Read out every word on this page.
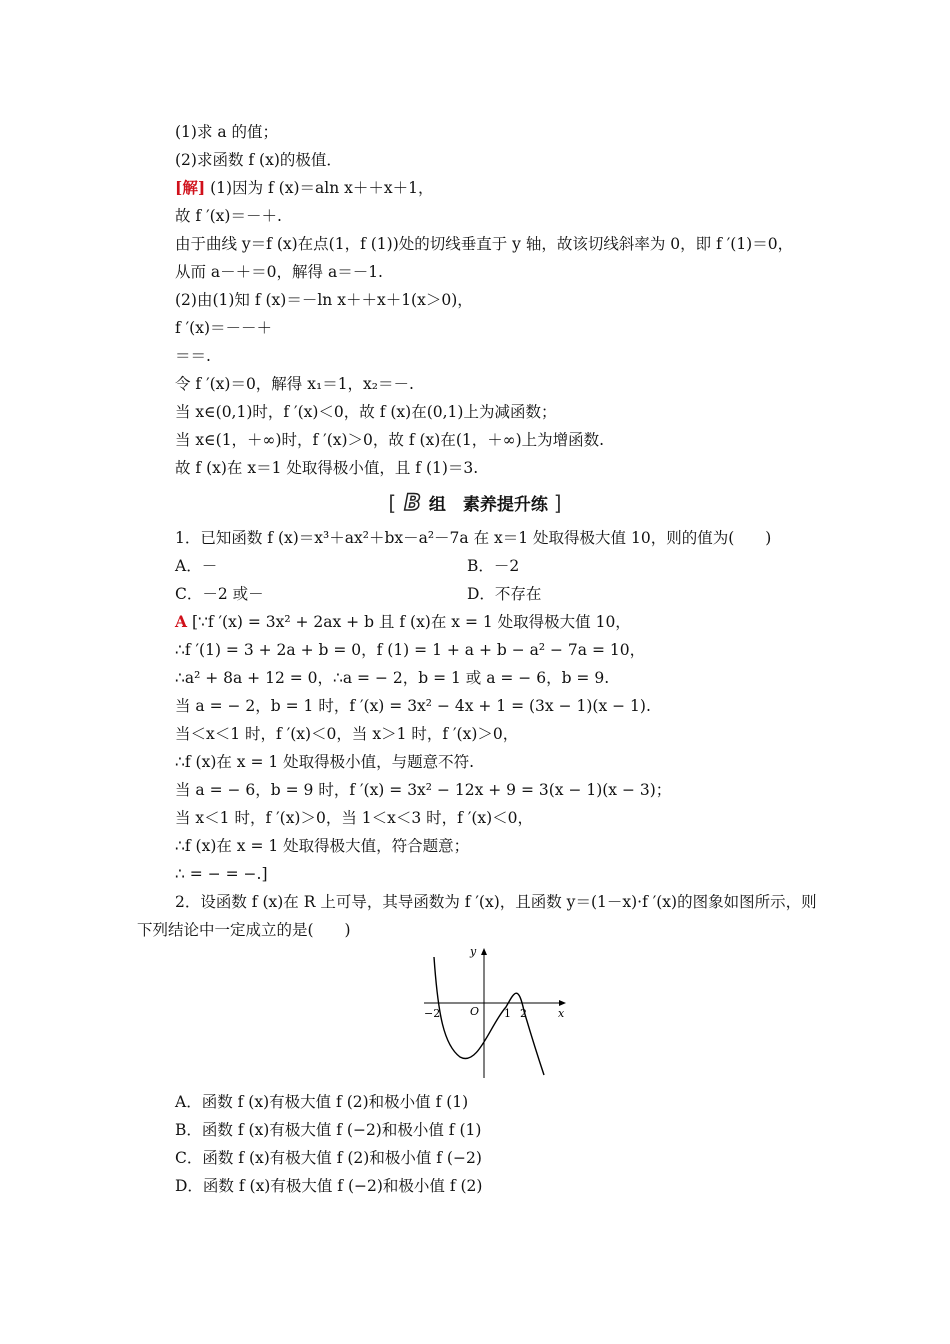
(1)求 a 的值；
(2)求函数 f (x)的极值．
[解] (1)因为 f (x)＝aln x＋＋x＋1，
故 f ′(x)＝－＋.
由于曲线 y＝f (x)在点(1，f (1))处的切线垂直于 y 轴，故该切线斜率为 0，即 f ′(1)＝0，
从而 a－＋＝0，解得 a＝－1.
(2)由(1)知 f (x)＝－ln x＋＋x＋1(x＞0)，
f ′(x)＝－－＋
＝＝.
令 f ′(x)＝0，解得 x₁＝1，x₂＝－.
当 x∈(0,1)时，f ′(x)＜0，故 f (x)在(0,1)上为减函数；
当 x∈(1，＋∞)时，f ′(x)＞0，故 f (x)在(1，＋∞)上为增函数.
故 f (x)在 x＝1 处取得极小值，且 f (1)＝3.
[ B 组　素养提升练 ]
1．已知函数 f (x)＝x³＋ax²＋bx－a²－7a 在 x＝1 处取得极大值 10，则的值为(　　)
A．－	B．－2
C．－2 或－	D．不存在
A [∵f ′(x) = 3x² + 2ax + b 且 f (x)在 x = 1 处取得极大值 10，
∴f ′(1) = 3 + 2a + b = 0，f (1) = 1 + a + b − a² − 7a = 10，
∴a² + 8a + 12 = 0，∴a = − 2，b = 1 或 a = − 6，b = 9.
当 a = − 2，b = 1 时，f ′(x) = 3x² − 4x + 1 = (3x − 1)(x − 1).
当＜x＜1 时，f ′(x)＜0，当 x＞1 时，f ′(x)＞0，
∴f (x)在 x = 1 处取得极小值，与题意不符.
当 a = − 6，b = 9 时，f ′(x) = 3x² − 12x + 9 = 3(x − 1)(x − 3)；
当 x＜1 时，f ′(x)＞0，当 1＜x＜3 时，f ′(x)＜0，
∴f (x)在 x = 1 处取得极大值，符合题意；
∴ = − = −.]
2．设函数 f (x)在 R 上可导，其导函数为 f ′(x)，且函数 y＝(1－x)·f ′(x)的图象如图所示，则
下列结论中一定成立的是(　　)
y
x
O
−2	1 2
A．函数 f (x)有极大值 f (2)和极小值 f (1)
B．函数 f (x)有极大值 f (−2)和极小值 f (1)
C．函数 f (x)有极大值 f (2)和极小值 f (−2)
D．函数 f (x)有极大值 f (−2)和极小值 f (2)
